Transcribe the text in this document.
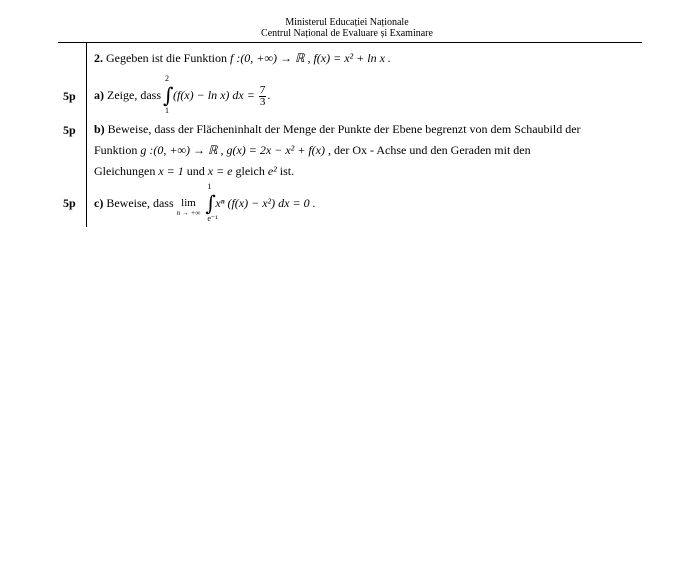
Ministerul Educației Naționale
Centrul Național de Evaluare și Examinare
2. Gegeben ist die Funktion f :(0, +∞) → ℝ , f(x) = x² + ln x .
5p a) Zeige, dass
2
∫
1
(f(x) − ln x) dx = $\frac{7}{3}$ .
5p b) Beweise, dass der Flächeninhalt der Menge der Punkte der Ebene begrenzt von dem Schaubild der
Funktion g :(0, +∞) → ℝ , g(x) = 2x − x² + f(x) , der Ox - Achse und den Geraden mit den
Gleichungen x = 1 und x = e gleich e² ist.
5p c) Beweise, dass lim
n → +∞

1
∫
e⁻¹
xⁿ (f(x) − x²) dx = 0 .
